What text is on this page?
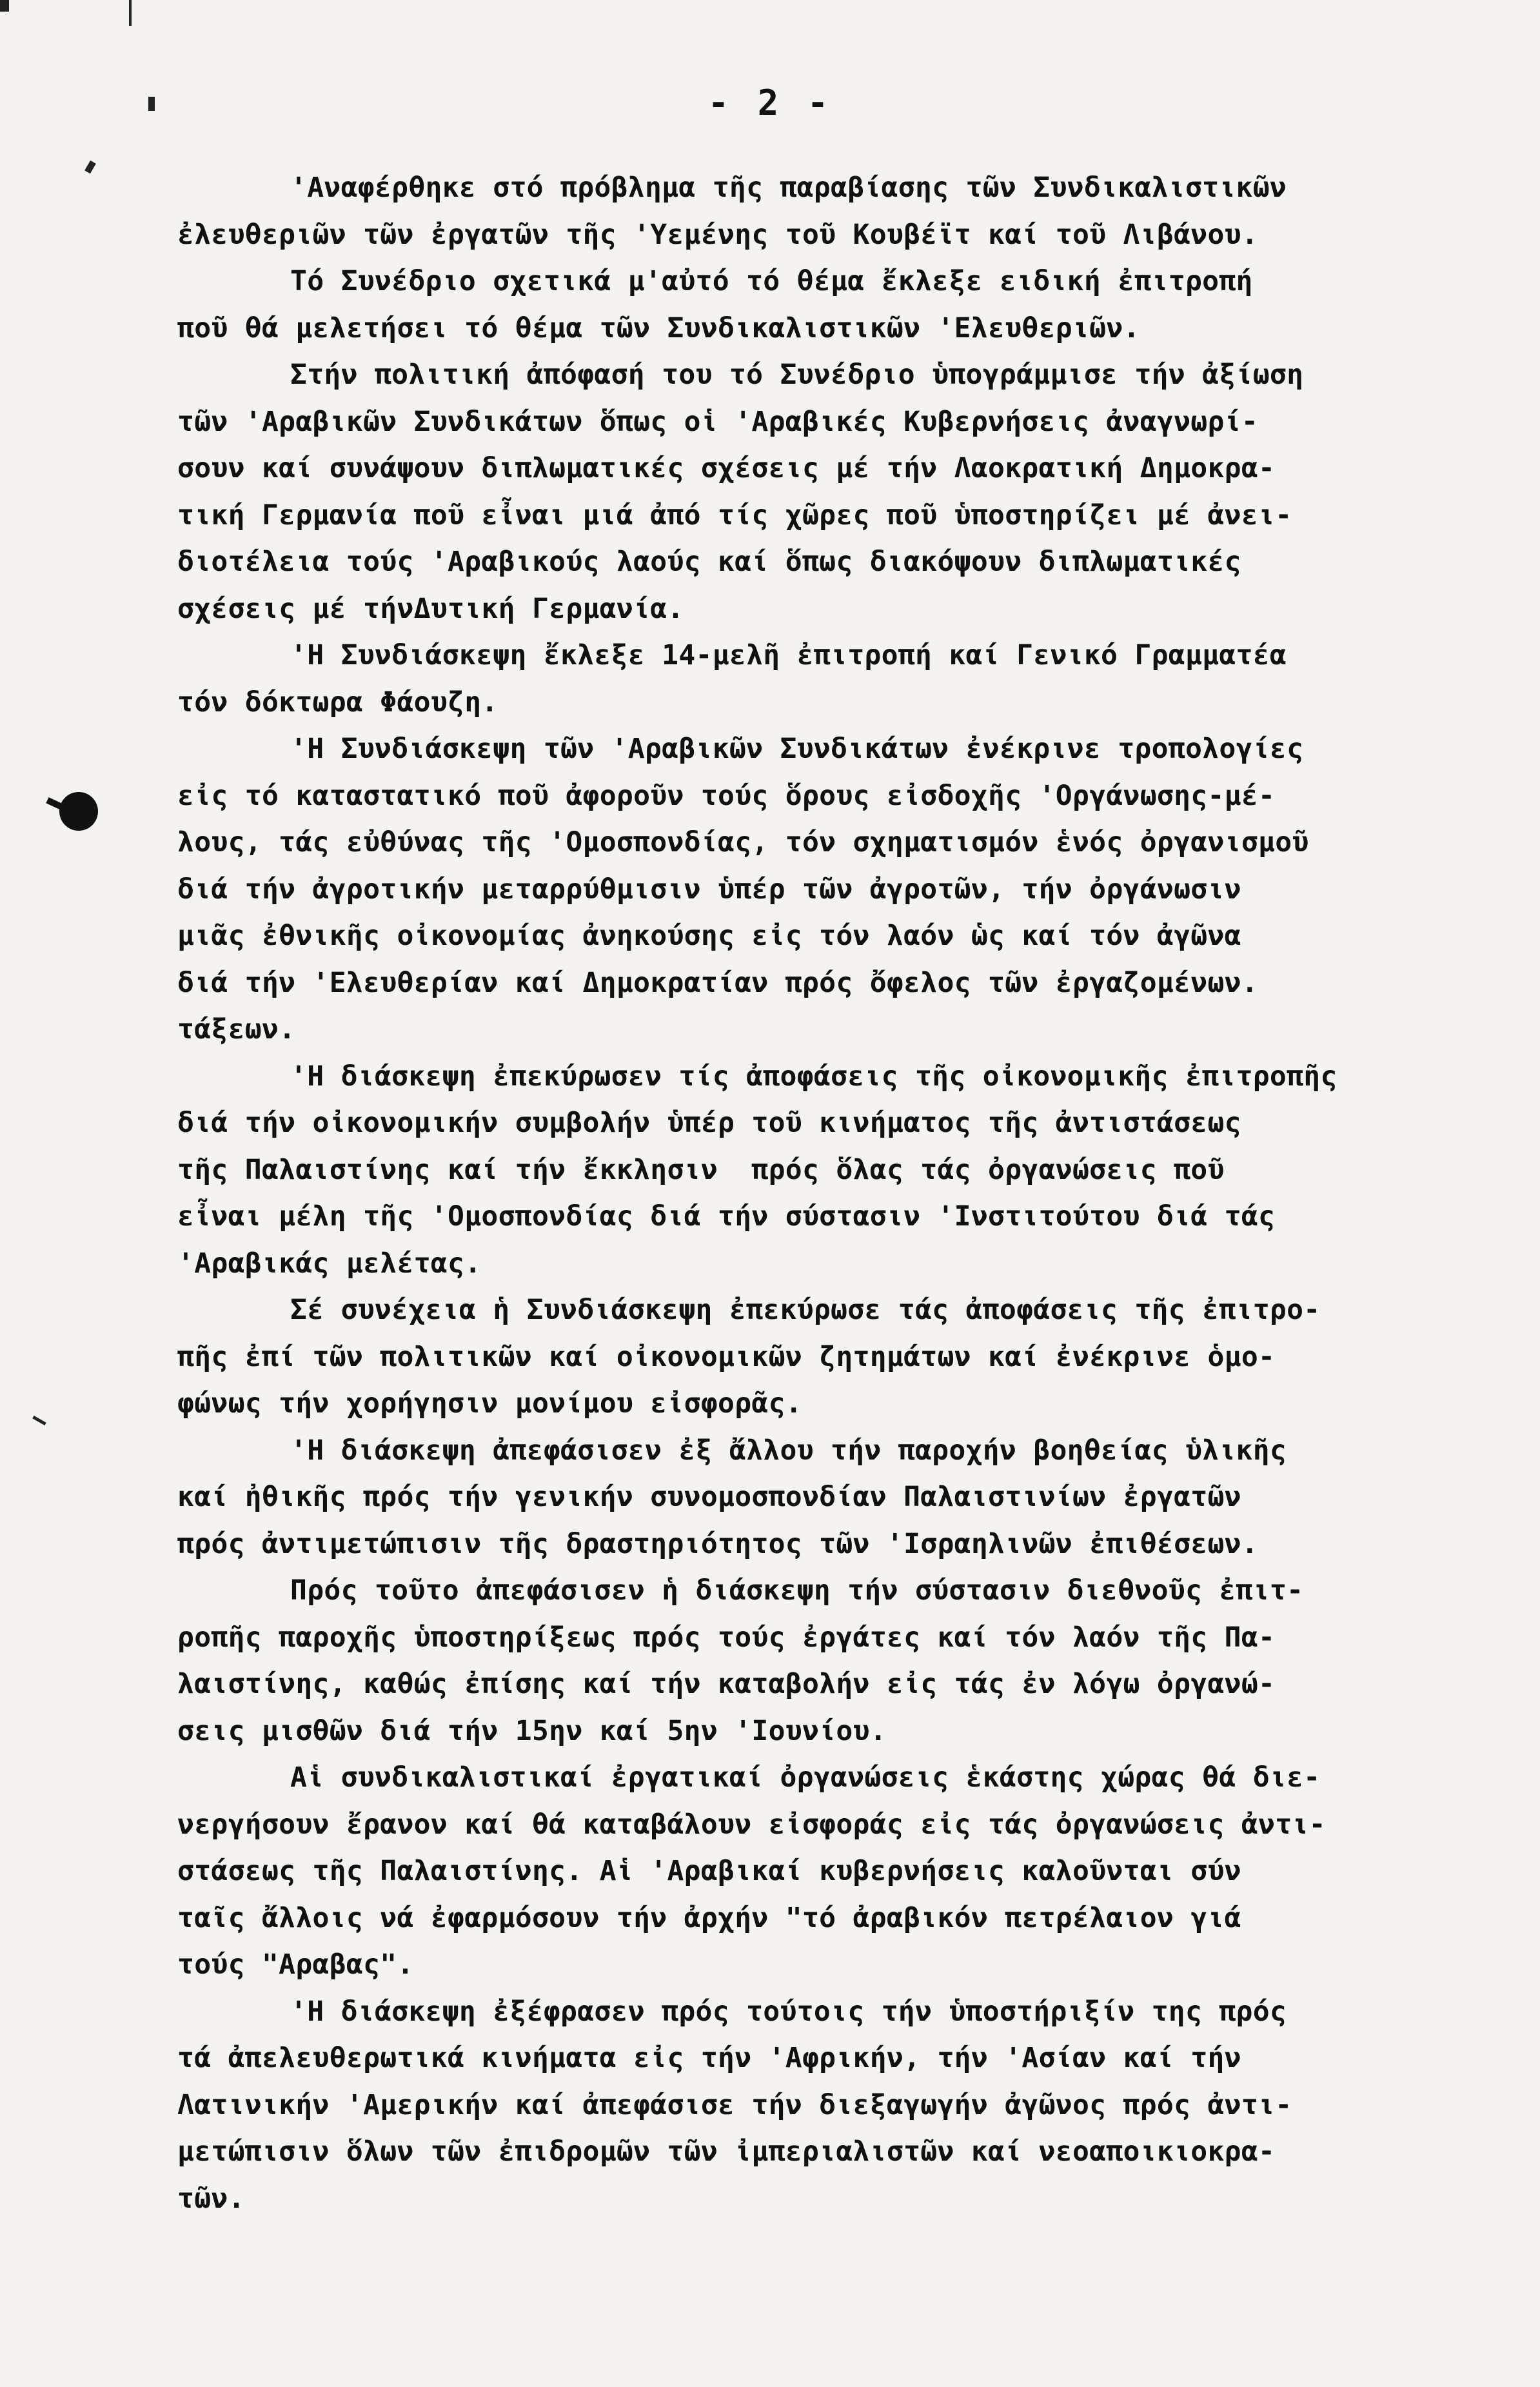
- 2 -
'Αναφέρθηκε στό πρόβλημα τῆς παραβίασης τῶν Συνδικαλιστικῶν
ἐλευθεριῶν τῶν ἐργατῶν τῆς 'Υεμένης τοῦ Κουβέϊτ καί τοῦ Λιβάνου.
Τό Συνέδριο σχετικά μ'αὐτό τό θέμα ἔκλεξε ειδική ἐπιτροπή
ποῦ θά μελετήσει τό θέμα τῶν Συνδικαλιστικῶν 'Ελευθεριῶν.
Στήν πολιτική ἀπόφασή του τό Συνέδριο ὑπογράμμισε τήν ἀξίωση
τῶν 'Αραβικῶν Συνδικάτων ὅπως οἱ 'Αραβικές Κυβερνήσεις ἀναγνωρί-
σουν καί συνάψουν διπλωματικές σχέσεις μέ τήν Λαοκρατική Δημοκρα-
τική Γερμανία ποῦ εἶναι μιά ἀπό τίς χῶρες ποῦ ὑποστηρίζει μέ ἀνει-
διοτέλεια τούς 'Αραβικούς λαούς καί ὅπως διακόψουν διπλωματικές
σχέσεις μέ τήνΔυτική Γερμανία.
'Η Συνδιάσκεψη ἔκλεξε 14-μελῆ ἐπιτροπή καί Γενικό Γραμματέα
τόν δόκτωρα Φάουζη.
'Η Συνδιάσκεψη τῶν 'Αραβικῶν Συνδικάτων ἐνέκρινε τροπολογίες
εἰς τό καταστατικό ποῦ ἀφοροῦν τούς ὅρους εἰσδοχῆς 'Οργάνωσης-μέ-
λους, τάς εὐθύνας τῆς 'Ομοσπονδίας, τόν σχηματισμόν ἑνός ὀργανισμοῦ
διά τήν ἀγροτικήν μεταρρύθμισιν ὑπέρ τῶν ἀγροτῶν, τήν ὀργάνωσιν
μιᾶς ἐθνικῆς οἰκονομίας ἀνηκούσης εἰς τόν λαόν ὡς καί τόν ἀγῶνα
διά τήν 'Ελευθερίαν καί Δημοκρατίαν πρός ὄφελος τῶν ἐργαζομένων.
τάξεων.
'Η διάσκεψη ἐπεκύρωσεν τίς ἀποφάσεις τῆς οἰκονομικῆς ἐπιτροπῆς
διά τήν οἰκονομικήν συμβολήν ὑπέρ τοῦ κινήματος τῆς ἀντιστάσεως
τῆς Παλαιστίνης καί τήν ἔκκλησιν  πρός ὅλας τάς ὀργανώσεις ποῦ
εἶναι μέλη τῆς 'Ομοσπονδίας διά τήν σύστασιν 'Ινστιτούτου διά τάς
'Αραβικάς μελέτας.
Σέ συνέχεια ἡ Συνδιάσκεψη ἐπεκύρωσε τάς ἀποφάσεις τῆς ἐπιτρο-
πῆς ἐπί τῶν πολιτικῶν καί οἰκονομικῶν ζητημάτων καί ἐνέκρινε ὁμο-
φώνως τήν χορήγησιν μονίμου εἰσφορᾶς.
'Η διάσκεψη ἀπεφάσισεν ἐξ ἄλλου τήν παροχήν βοηθείας ὑλικῆς
καί ἠθικῆς πρός τήν γενικήν συνομοσπονδίαν Παλαιστινίων ἐργατῶν
πρός ἀντιμετώπισιν τῆς δραστηριότητος τῶν 'Ισραηλινῶν ἐπιθέσεων.
Πρός τοῦτο ἀπεφάσισεν ἡ διάσκεψη τήν σύστασιν διεθνοῦς ἐπιτ-
ροπῆς παροχῆς ὑποστηρίξεως πρός τούς ἐργάτες καί τόν λαόν τῆς Πα-
λαιστίνης, καθώς ἐπίσης καί τήν καταβολήν εἰς τάς ἐν λόγω ὀργανώ-
σεις μισθῶν διά τήν 15ην καί 5ην 'Ιουνίου.
Αἱ συνδικαλιστικαί ἐργατικαί ὀργανώσεις ἑκάστης χώρας θά διε-
νεργήσουν ἔρανον καί θά καταβάλουν εἰσφοράς εἰς τάς ὀργανώσεις ἀντι-
στάσεως τῆς Παλαιστίνης. Αἱ 'Αραβικαί κυβερνήσεις καλοῦνται σύν
ταῖς ἄλλοις νά ἐφαρμόσουν τήν ἀρχήν "τό ἀραβικόν πετρέλαιον γιά
τούς "Αραβας".
'Η διάσκεψη ἐξέφρασεν πρός τούτοις τήν ὑποστήριξίν της πρός
τά ἀπελευθερωτικά κινήματα εἰς τήν 'Αφρικήν, τήν 'Ασίαν καί τήν
Λατινικήν 'Αμερικήν καί ἀπεφάσισε τήν διεξαγωγήν ἀγῶνος πρός ἀντι-
μετώπισιν ὅλων τῶν ἐπιδρομῶν τῶν ἰμπεριαλιστῶν καί νεοαποικιοκρα-
τῶν.
